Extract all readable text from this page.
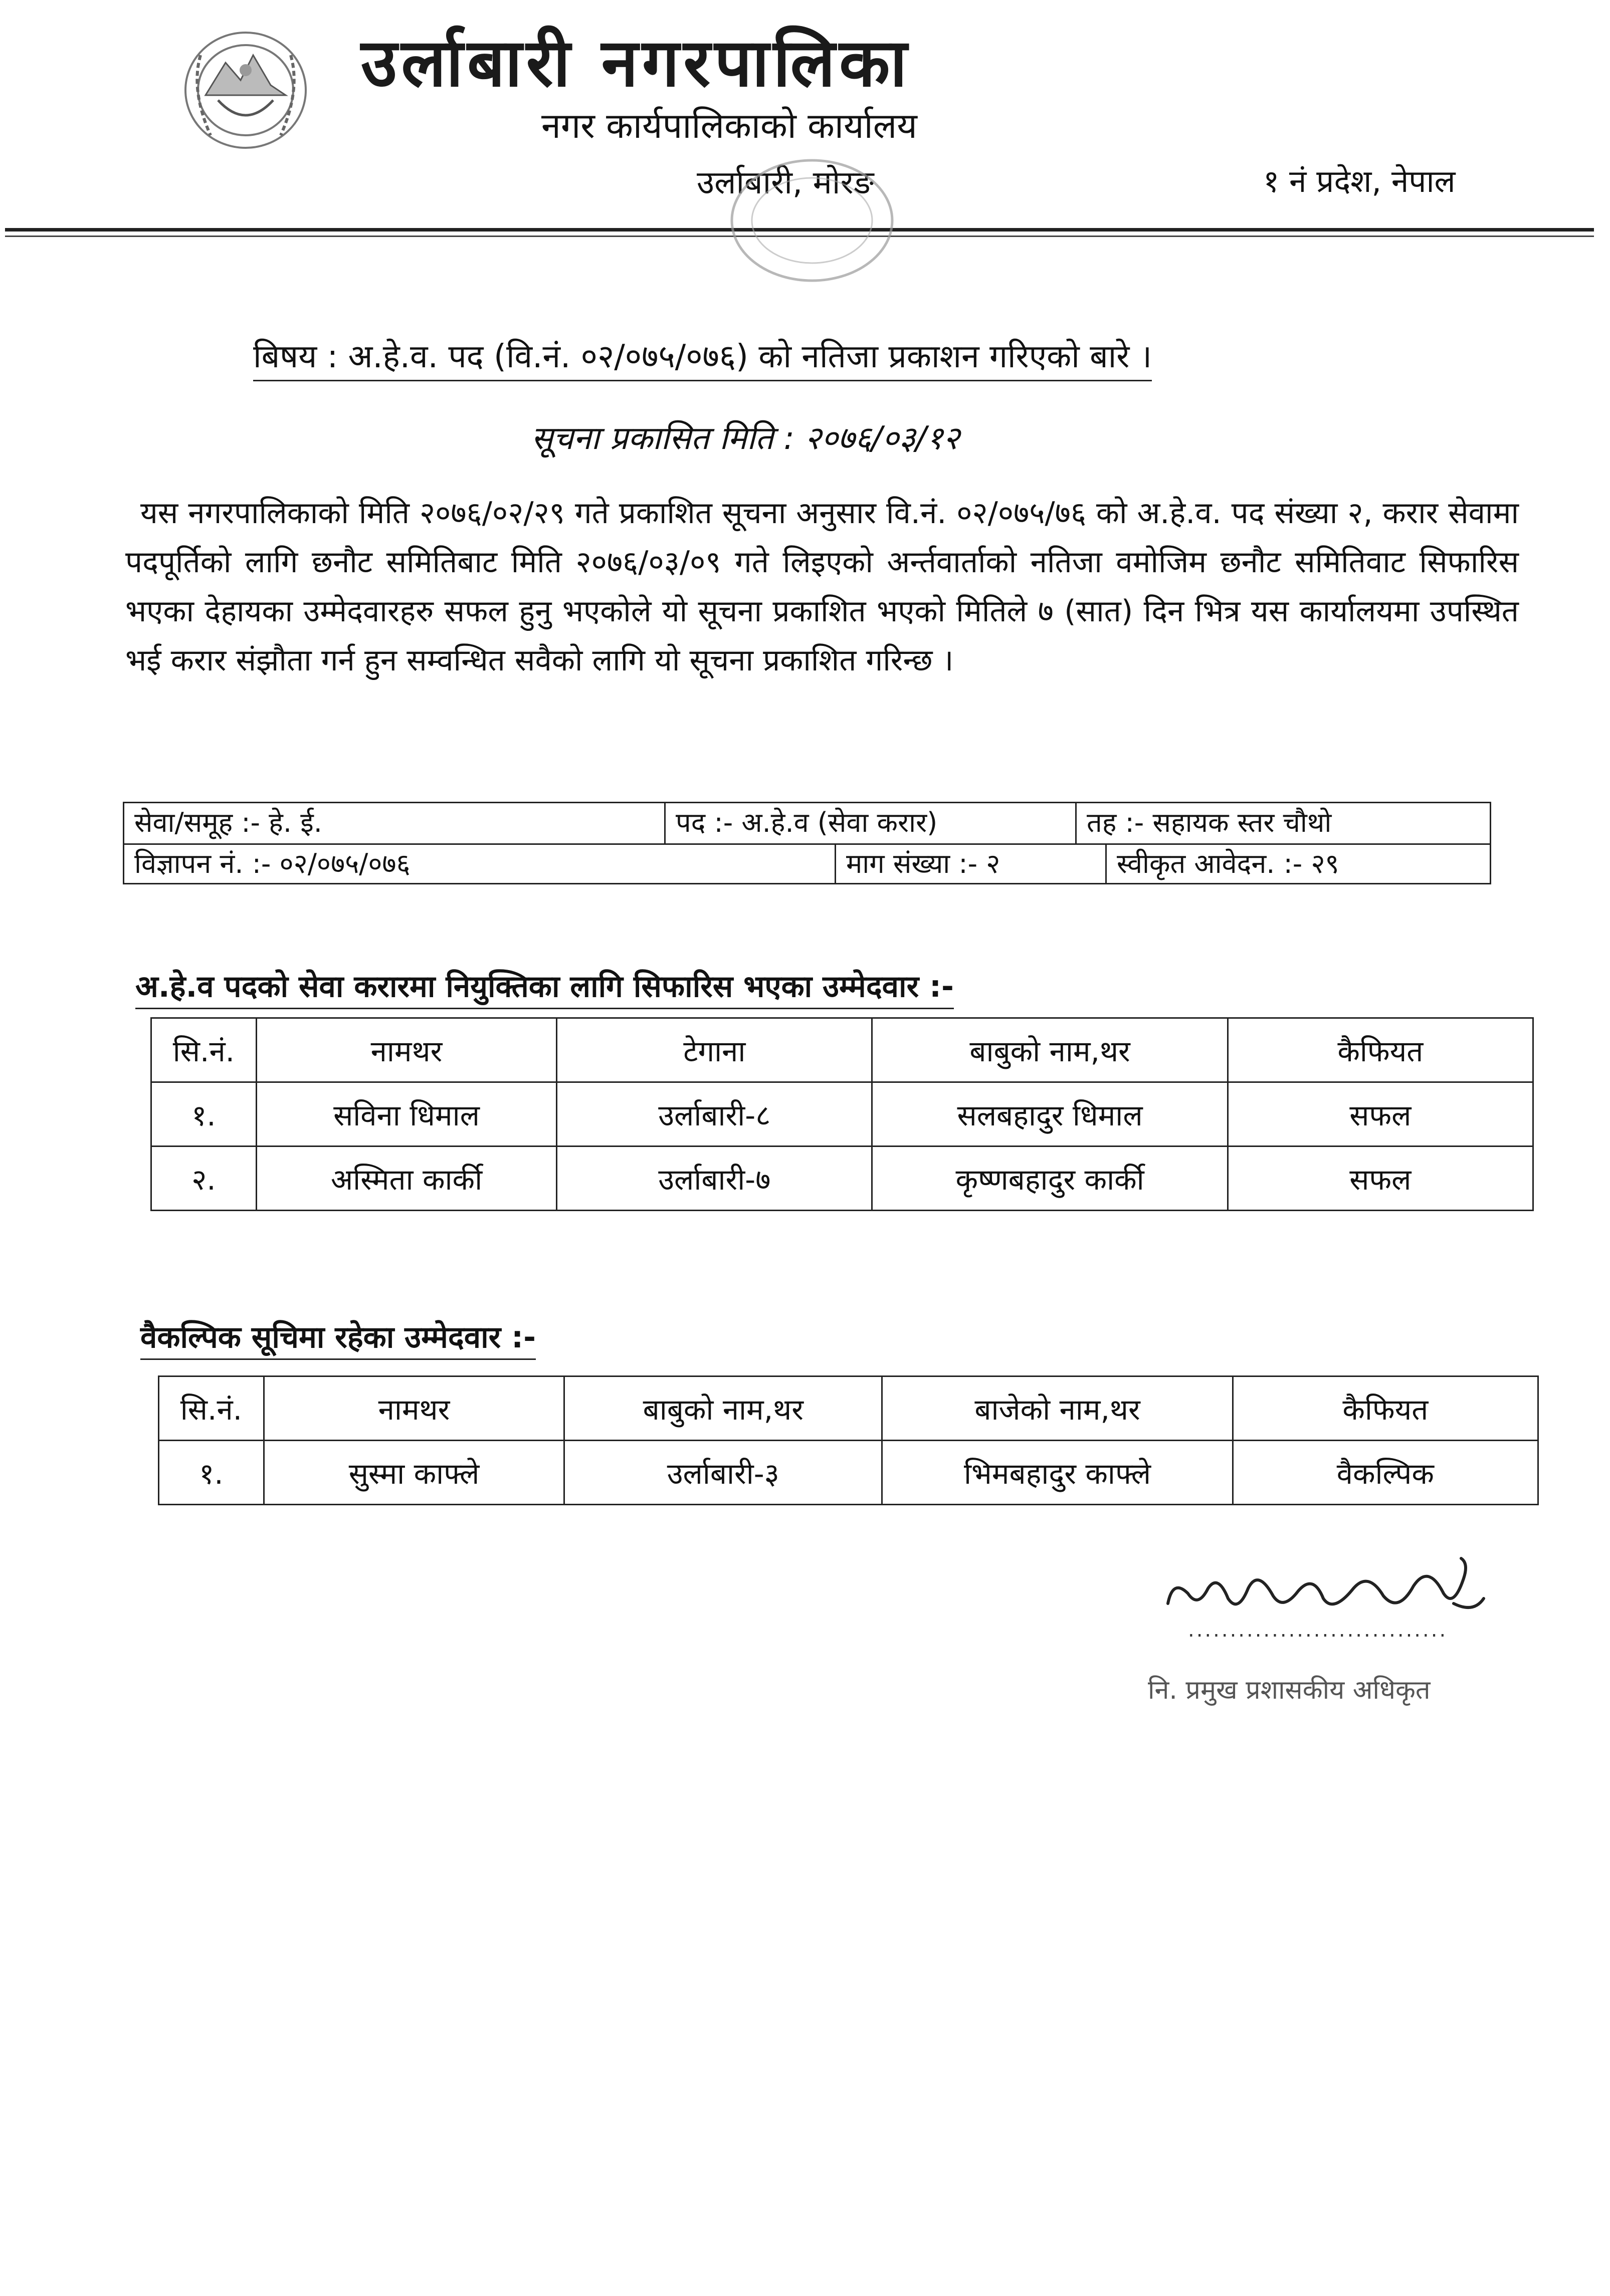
उर्लाबारी नगरपालिका
नगर कार्यपालिकाको कार्यालय
उर्लाबारी, मोरङ	१ नं प्रदेश, नेपाल
बिषय : अ.हे.व. पद (वि.नं. ०२/०७५/०७६) को नतिजा प्रकाशन गरिएको बारे ।
सूचना प्रकासित मिति : २०७६/०३/१२
यस नगरपालिकाको मिति २०७६/०२/२९ गते प्रकाशित सूचना अनुसार वि.नं. ०२/०७५/७६ को अ.हे.व. पद संख्या २, करार सेवामा पदपूर्तिको लागि छनौट समितिबाट मिति २०७६/०३/०९ गते लिइएको अर्न्तवार्ताको नतिजा वमोजिम छनौट समितिवाट सिफारिस भएका देहायका उम्मेदवारहरु सफल हुनु भएकोले यो सूचना प्रकाशित भएको मितिले ७ (सात) दिन भित्र यस कार्यालयमा उपस्थित भई करार संझौता गर्न हुन सम्वन्धित सवैको लागि यो सूचना प्रकाशित गरिन्छ ।
सेवा/समूह :- हे. ई.	पद :- अ.हे.व (सेवा करार)	तह :- सहायक स्तर चौथो
विज्ञापन नं. :- ०२/०७५/०७६	माग संख्या :- २	स्वीकृत आवेदन. :- २९
अ.हे.व पदको सेवा करारमा नियुक्तिका लागि सिफारिस भएका उम्मेदवार :-
सि.नं.	नामथर	टेगाना	बाबुको नाम,थर	कैफियत
१.	सविना धिमाल	उर्लाबारी-८	सलबहादुर धिमाल	सफल
२.	अस्मिता कार्की	उर्लाबारी-७	कृष्णबहादुर कार्की	सफल
वैकल्पिक सूचिमा रहेका उम्मेदवार :-
सि.नं.	नामथर	बाबुको नाम,थर	बाजेको नाम,थर	कैफियत
१.	सुस्मा काफ्ले	उर्लाबारी-३	भिमबहादुर काफ्ले	वैकल्पिक
...............................
नि. प्रमुख प्रशासकीय अधिकृत
